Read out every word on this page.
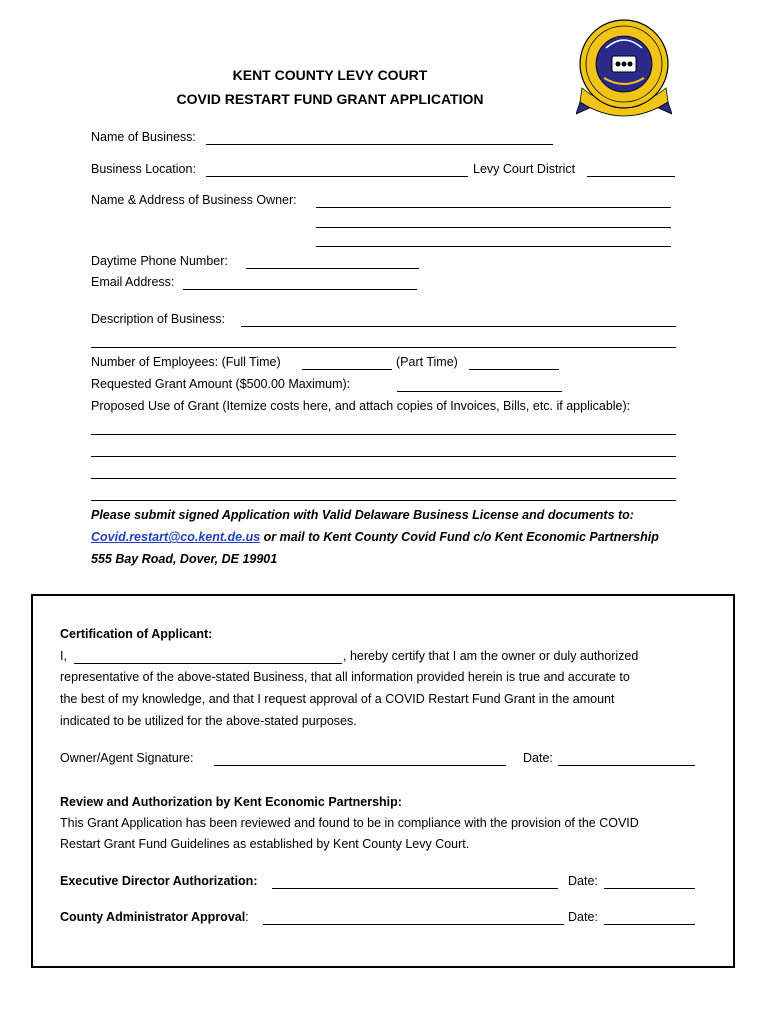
KENT COUNTY LEVY COURT
COVID RESTART FUND GRANT APPLICATION
Name of Business:
Business Location:	Levy Court District
Name & Address of Business Owner:
Daytime Phone Number:
Email Address:
Description of Business:
Number of Employees: (Full Time)	(Part Time)
Requested Grant Amount ($500.00 Maximum):
Proposed Use of Grant (Itemize costs here, and attach copies of Invoices, Bills, etc. if applicable):
Please submit signed Application with Valid Delaware Business License and documents to:
Covid.restart@co.kent.de.us or mail to Kent County Covid Fund c/o Kent Economic Partnership
555 Bay Road, Dover, DE 19901
Certification of Applicant:
I,	, hereby certify that I am the owner or duly authorized
representative of the above-stated Business, that all information provided herein is true and accurate to
the best of my knowledge, and that I request approval of a COVID Restart Fund Grant in the amount
indicated to be utilized for the above-stated purposes.
Owner/Agent Signature:	Date:
Review and Authorization by Kent Economic Partnership:
This Grant Application has been reviewed and found to be in compliance with the provision of the COVID
Restart Grant Fund Guidelines as established by Kent County Levy Court.
Executive Director Authorization:	Date:
County Administrator Approval:	Date:
